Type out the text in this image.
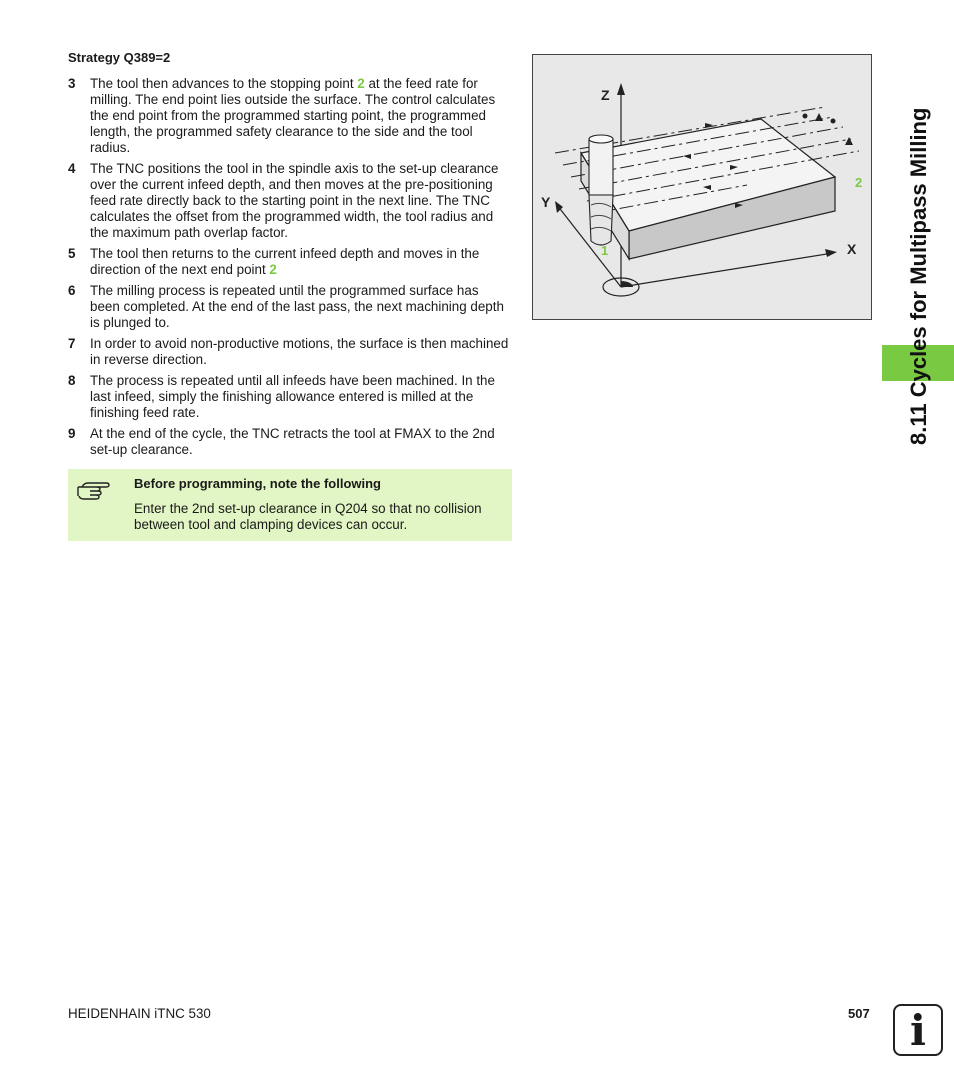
Strategy Q389=2

3	The tool then advances to the stopping point 2 at the feed rate for milling. The end point lies outside the surface. The control calculates the end point from the programmed starting point, the programmed length, the programmed safety clearance to the side and the tool radius.
4	The TNC positions the tool in the spindle axis to the set-up clearance over the current infeed depth, and then moves at the pre-positioning feed rate directly back to the starting point in the next line. The TNC calculates the offset from the programmed width, the tool radius and the maximum path overlap factor.
5	The tool then returns to the current infeed depth and moves in the direction of the next end point 2
6	The milling process is repeated until the programmed surface has been completed. At the end of the last pass, the next machining depth is plunged to.
7	In order to avoid non-productive motions, the surface is then machined in reverse direction.
8	The process is repeated until all infeeds have been machined. In the last infeed, simply the finishing allowance entered is milled at the finishing feed rate.
9	At the end of the cycle, the TNC retracts the tool at FMAX to the 2nd set-up clearance.
Before programming, note the following
Enter the 2nd set-up clearance in Q204 so that no collision between tool and clamping devices can occur.
Z
Y
X
1
2 8.11 Cycles for Multipass Milling
HEIDENHAIN iTNC 530	507 i
